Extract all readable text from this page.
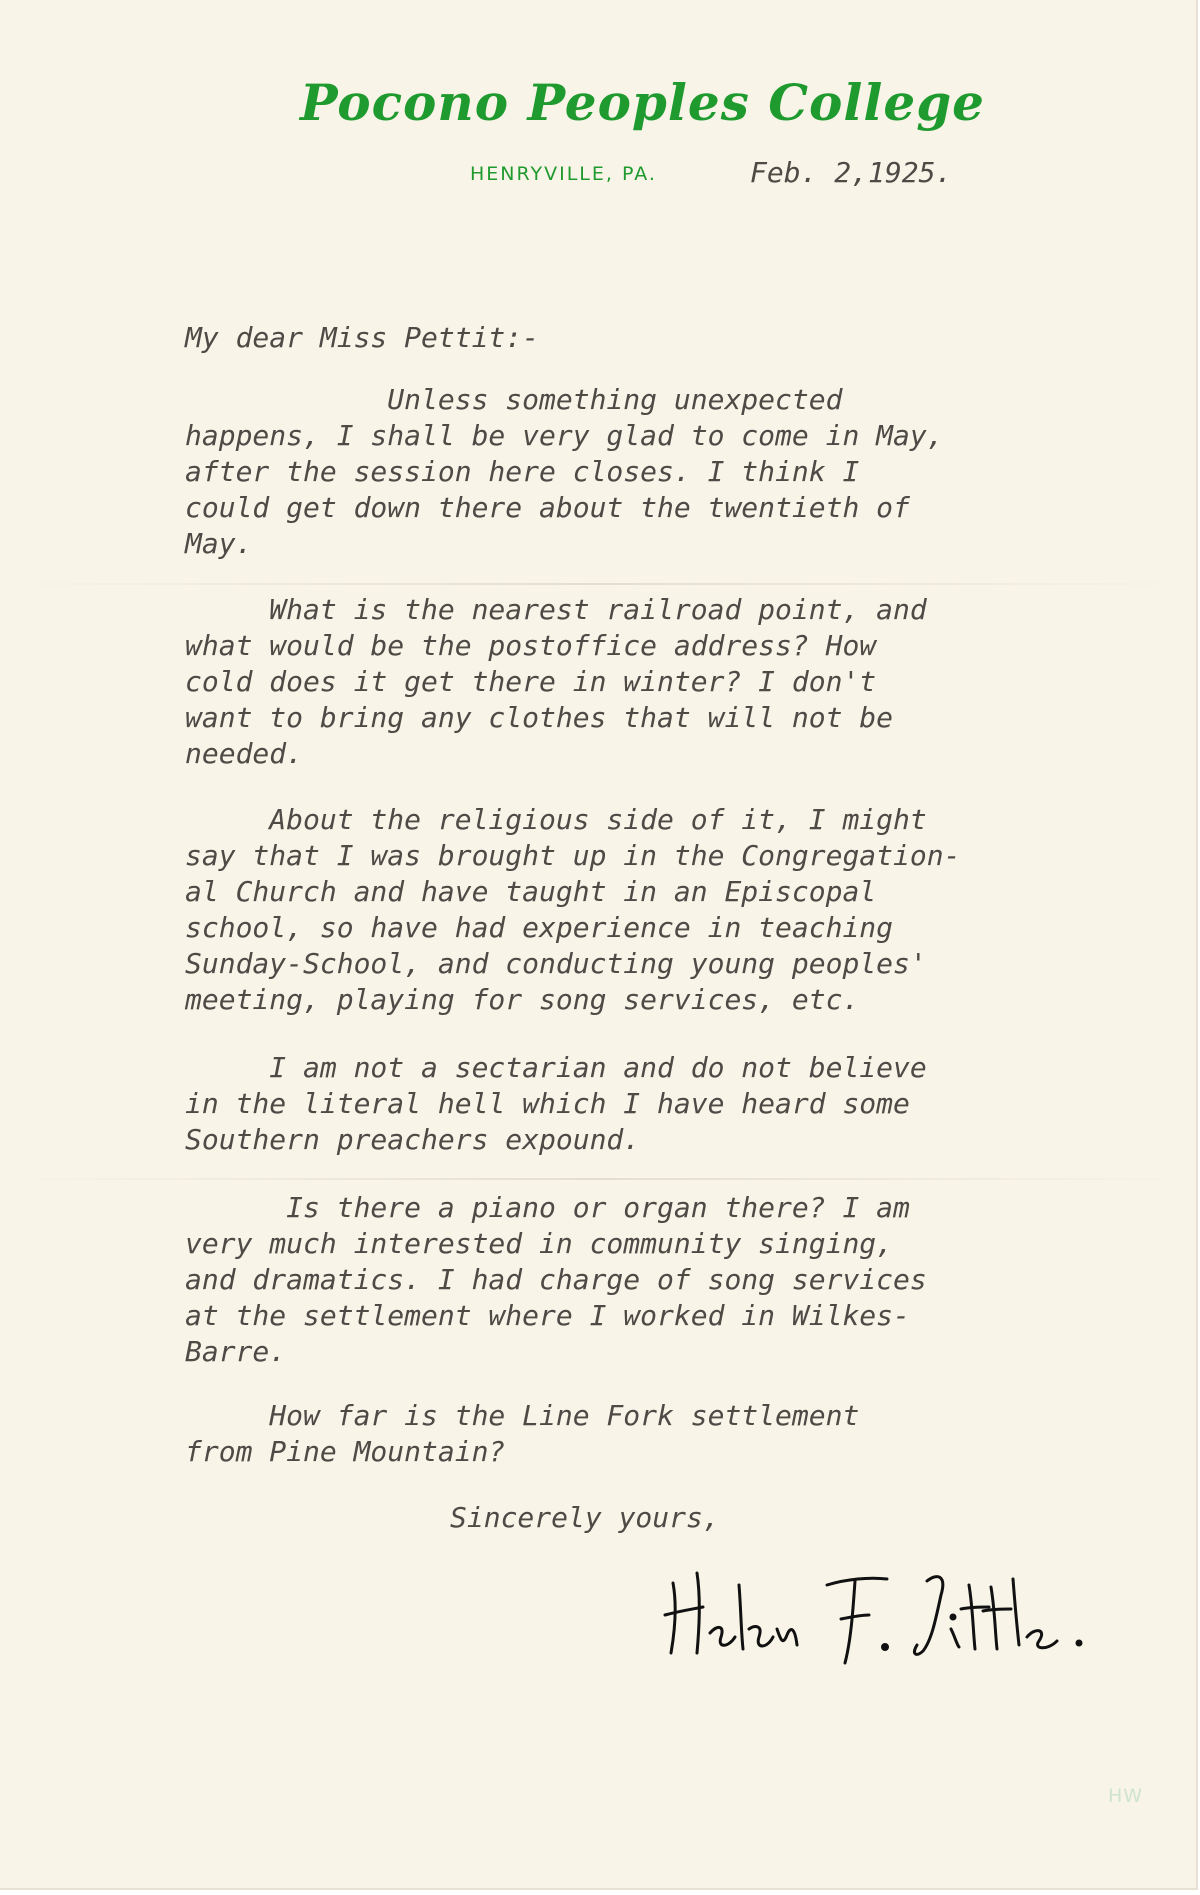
Pocono Peoples College
HENRYVILLE, PA.	Feb. 2,1925.
My dear Miss Pettit:-
Unless something unexpected
happens, I shall be very glad to come in May,
after the session here closes. I think I
could get down there about the twentieth of
May.
What is the nearest railroad point, and
what would be the postoffice address? How
cold does it get there in winter? I don't
want to bring any clothes that will not be
needed.
About the religious side of it, I might
say that I was brought up in the Congregation-
al Church and have taught in an Episcopal
school, so have had experience in teaching
Sunday-School, and conducting young peoples'
meeting, playing for song services, etc.
I am not a sectarian and do not believe
in the literal hell which I have heard some
Southern preachers expound.
Is there a piano or organ there? I am
very much interested in community singing,
and dramatics. I had charge of song services
at the settlement where I worked in Wilkes-
Barre.
How far is the Line Fork settlement
from Pine Mountain?
Sincerely yours,
HW
